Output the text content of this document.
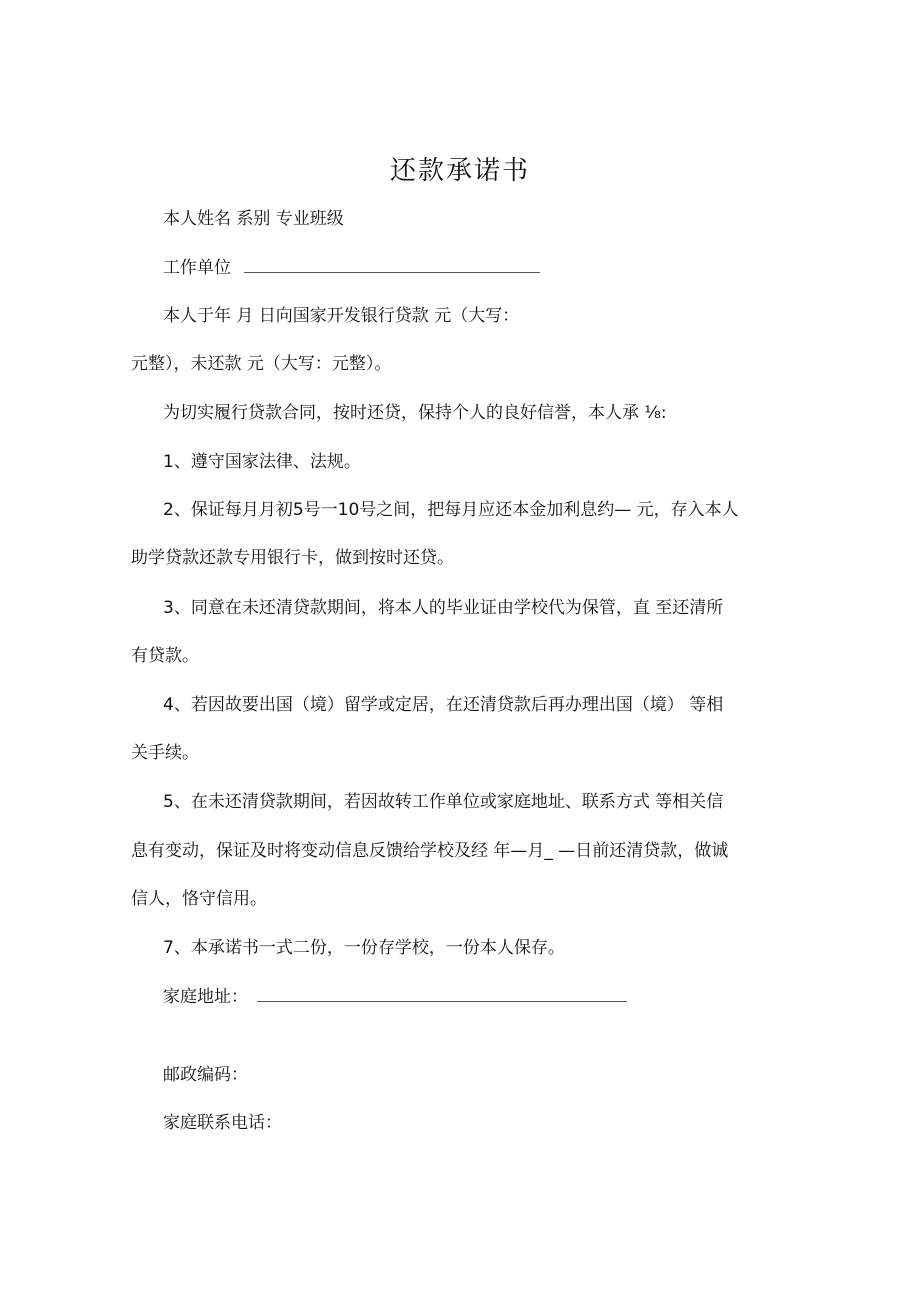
还款承诺书
本人姓名 系别 专业班级
工作单位
本人于年 月 日向国家开发银行贷款 元（大写：
元整），未还款 元（大写：元整）。
为切实履行贷款合同，按时还贷，保持个人的良好信誉，本人承 ⅛:
1、遵守国家法律、法规。
2、保证每月月初5号一10号之间，把每月应还本金加利息约— 元，存入本人
助学贷款还款专用银行卡，做到按时还贷。
3、同意在未还清贷款期间，将本人的毕业证由学校代为保管，直 至还清所
有贷款。
4、若因故要出国（境）留学或定居，在还清贷款后再办理出国（境） 等相
关手续。
5、在未还清贷款期间，若因故转工作单位或家庭地址、联系方式 等相关信
息有变动，保证及时将变动信息反馈给学校及经 年—月_ —日前还清贷款，做诚
信人，恪守信用。
7、本承诺书一式二份，一份存学校，一份本人保存。
家庭地址：
邮政编码：
家庭联系电话：
